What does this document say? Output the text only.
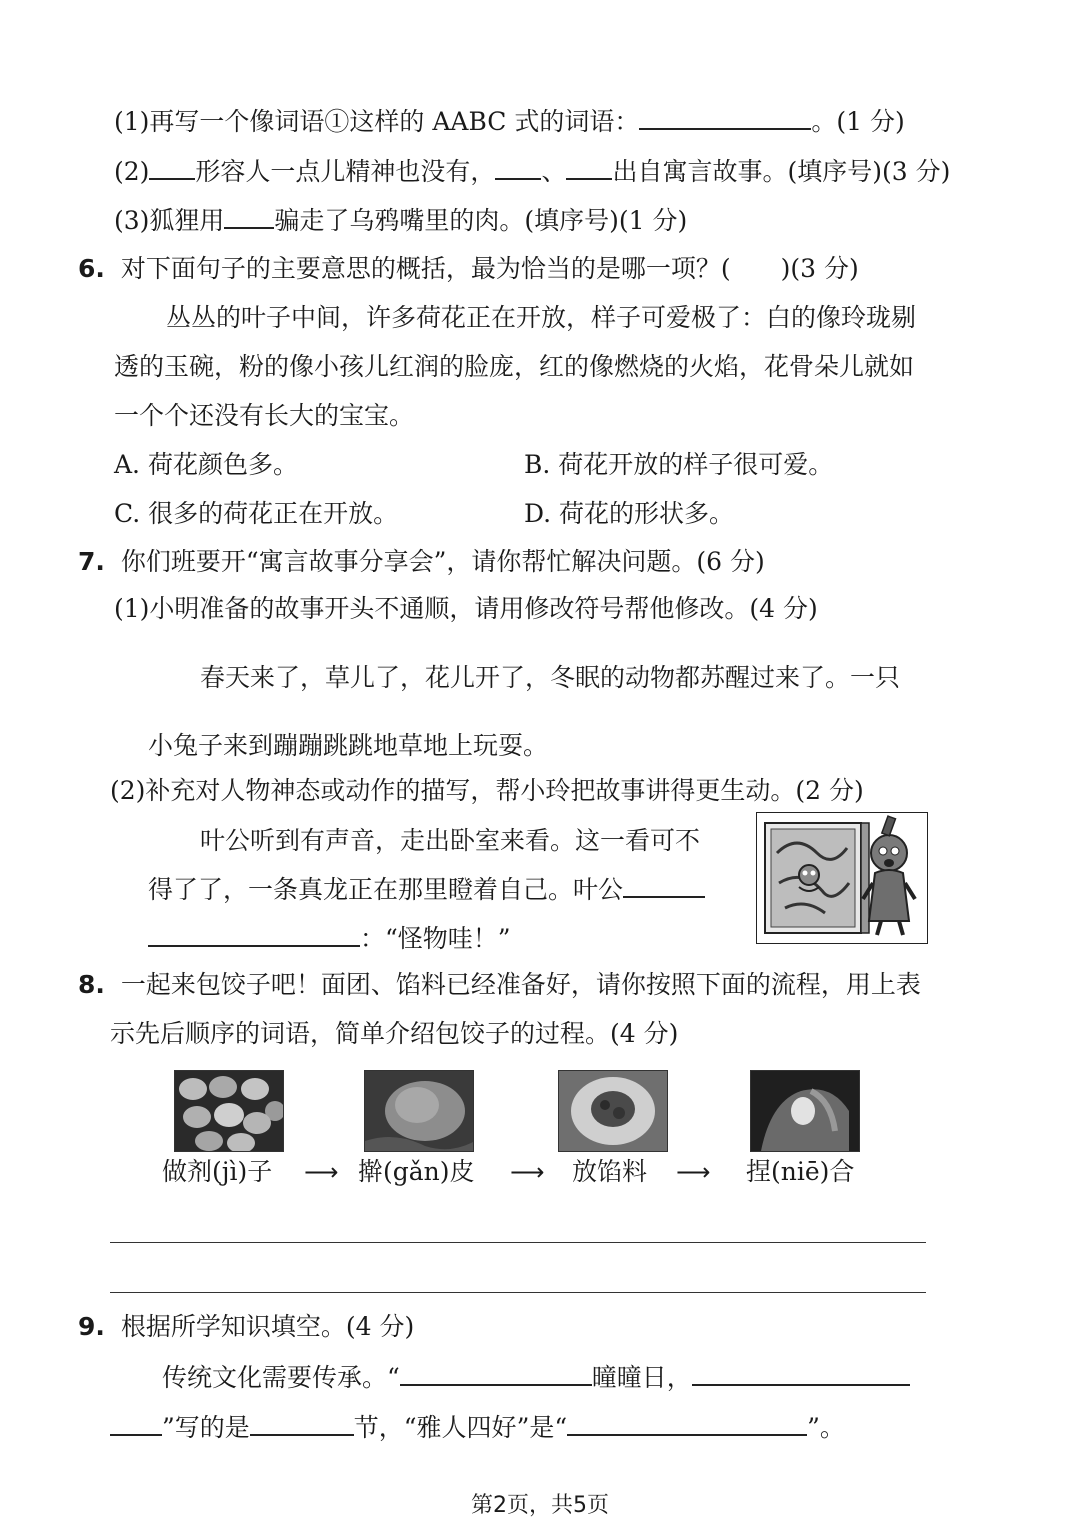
(1)再写一个像词语①这样的 AABC 式的词语：	。(1 分)
(2) 形容人一点儿精神也没有， 、 出自寓言故事。(填序号)(3 分)
(3)狐狸用 骗走了乌鸦嘴里的肉。(填序号)(1 分)
6. 对下面句子的主要意思的概括，最为恰当的是哪一项？(　　)(3 分)
丛丛的叶子中间，许多荷花正在开放，样子可爱极了：白的像玲珑剔
透的玉碗，粉的像小孩儿红润的脸庞，红的像燃烧的火焰，花骨朵儿就如
一个个还没有长大的宝宝。
A. 荷花颜色多。	B. 荷花开放的样子很可爱。
C. 很多的荷花正在开放。	D. 荷花的形状多。
7. 你们班要开“寓言故事分享会”，请你帮忙解决问题。(6 分)
(1)小明准备的故事开头不通顺，请用修改符号帮他修改。(4 分)
春天来了，草儿了，花儿开了，冬眠的动物都苏醒过来了。一只
小兔子来到蹦蹦跳跳地草地上玩耍。
(2)补充对人物神态或动作的描写，帮小玲把故事讲得更生动。(2 分)
叶公听到有声音，走出卧室来看。这一看可不
得了了，一条真龙正在那里瞪着自己。叶公
：“怪物哇！”
8. 一起来包饺子吧！面团、馅料已经准备好，请你按照下面的流程，用上表
示先后顺序的词语，简单介绍包饺子的过程。(4 分)
做剂(jì)子 ⟶ 擀(gǎn)皮 ⟶ 放馅料 ⟶ 捏(niē)合
9. 根据所学知识填空。(4 分)
传统文化需要传承。“	曈曈日，
”写的是	节，“雅人四好”是“	”。
第2页，共5页
